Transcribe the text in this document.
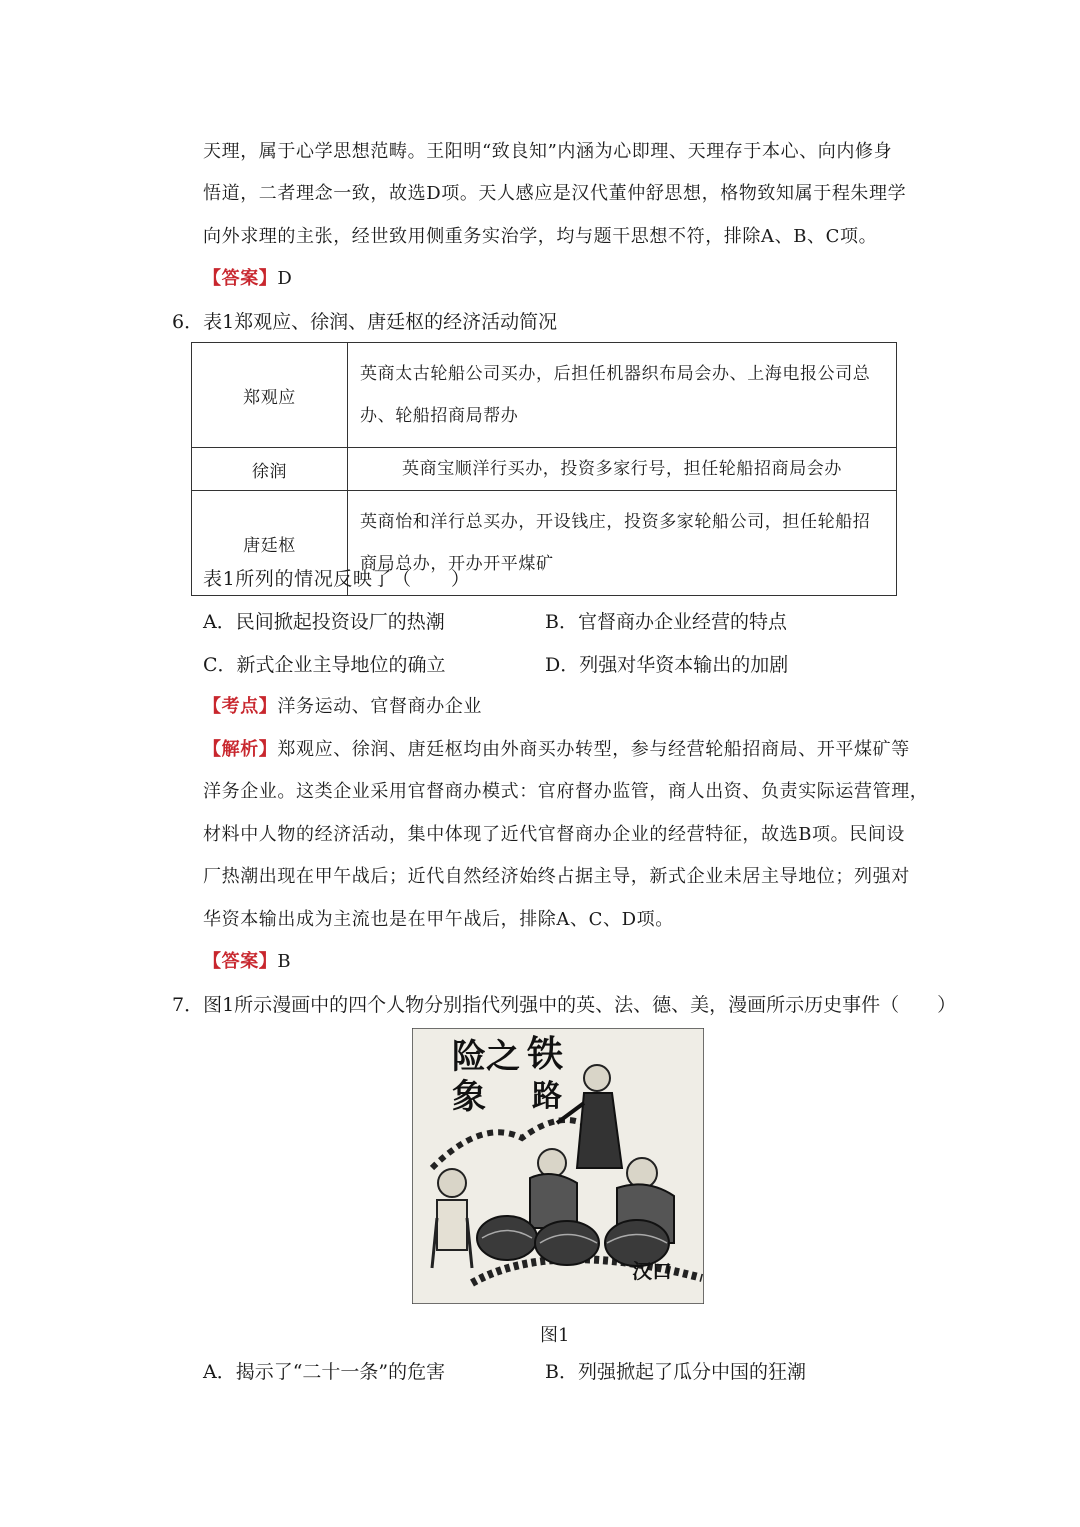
天理，属于心学思想范畴。王阳明“致良知”内涵为心即理、天理存于本心、向内修身
悟道，二者理念一致，故选D项。天人感应是汉代董仲舒思想，格物致知属于程朱理学
向外求理的主张，经世致用侧重务实治学，均与题干思想不符，排除A、B、C项。
【答案】D
6．表1郑观应、徐润、唐廷枢的经济活动简况
郑观应	英商太古轮船公司买办，后担任机器织布局会办、上海电报公司总办、轮船招商局帮办
徐润	英商宝顺洋行买办，投资多家行号，担任轮船招商局会办
唐廷枢	英商怡和洋行总买办，开设钱庄，投资多家轮船公司，担任轮船招商局总办，开办开平煤矿
表1所列的情况反映了（　　）
A．民间掀起投资设厂的热潮	B．官督商办企业经营的特点
C．新式企业主导地位的确立	D．列强对华资本输出的加剧
【考点】洋务运动、官督商办企业
【解析】郑观应、徐润、唐廷枢均由外商买办转型，参与经营轮船招商局、开平煤矿等
洋务企业。这类企业采用官督商办模式：官府督办监管，商人出资、负责实际运营管理，
材料中人物的经济活动，集中体现了近代官督商办企业的经营特征，故选B项。民间设
厂热潮出现在甲午战后；近代自然经济始终占据主导，新式企业未居主导地位；列强对
华资本输出成为主流也是在甲午战后，排除A、C、D项。
【答案】B
7．图1所示漫画中的四个人物分别指代列强中的英、法、德、美，漫画所示历史事件（　　）
险之
象
铁
路
汉口
图1
A．揭示了“二十一条”的危害	B．列强掀起了瓜分中国的狂潮
